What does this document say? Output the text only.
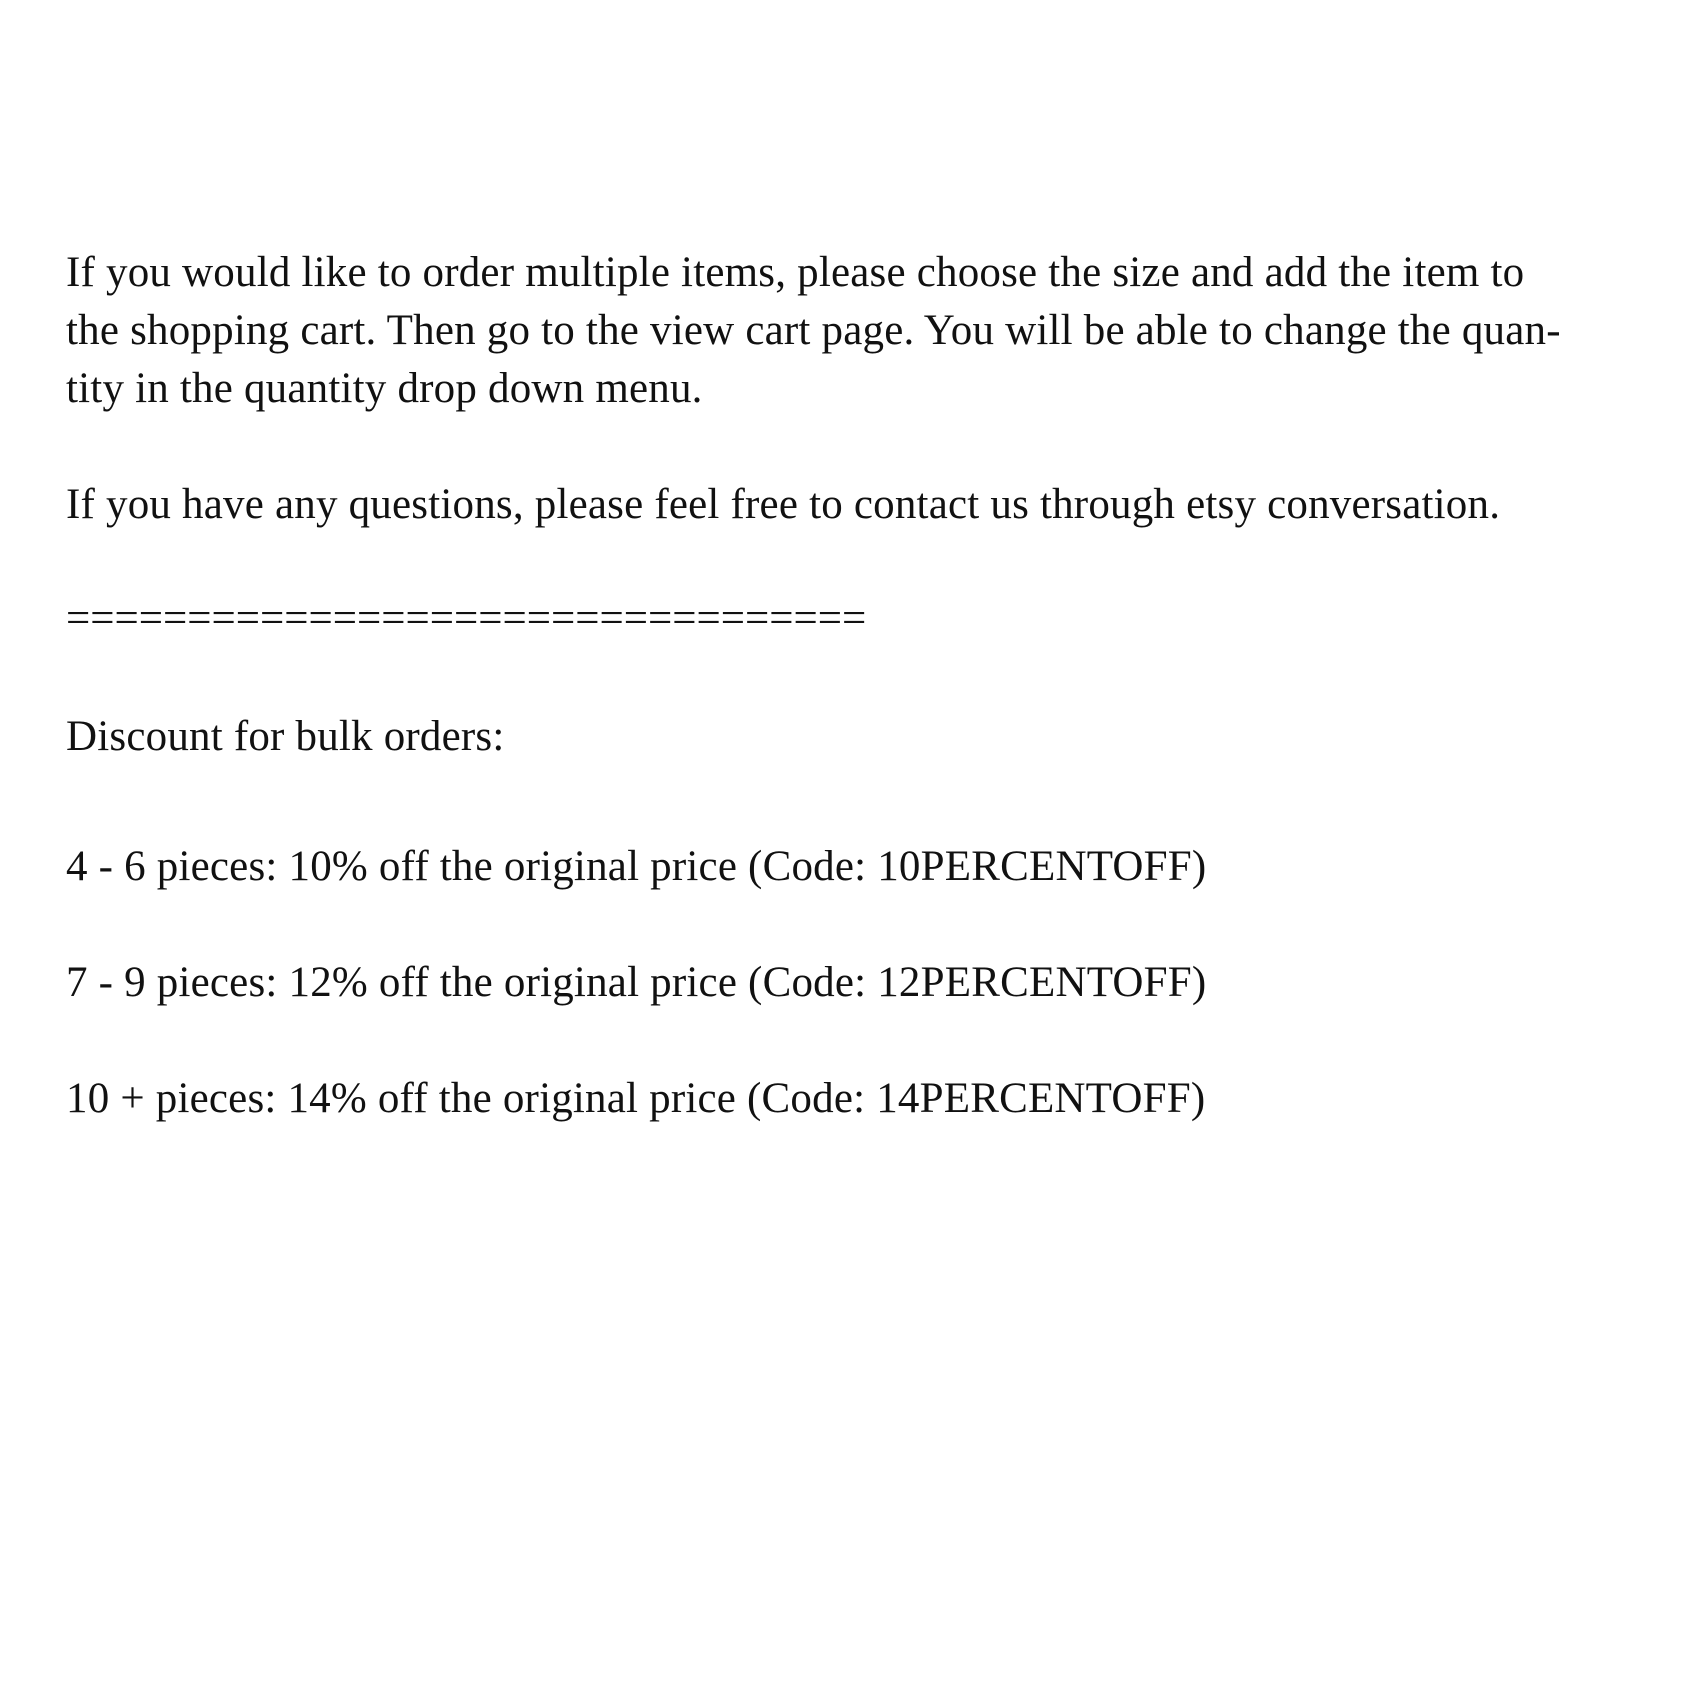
If you would like to order multiple items, please choose the size and add the item to

the shopping cart. Then go to the view cart page. You will be able to change the quan-

tity in the quantity drop down menu.

If you have any questions, please feel free to contact us through etsy conversation.

=================================

Discount for bulk orders:

4 - 6 pieces: 10% off the original price (Code: 10PERCENTOFF)

7 - 9 pieces: 12% off the original price (Code: 12PERCENTOFF)

10 + pieces: 14% off the original price (Code: 14PERCENTOFF)
